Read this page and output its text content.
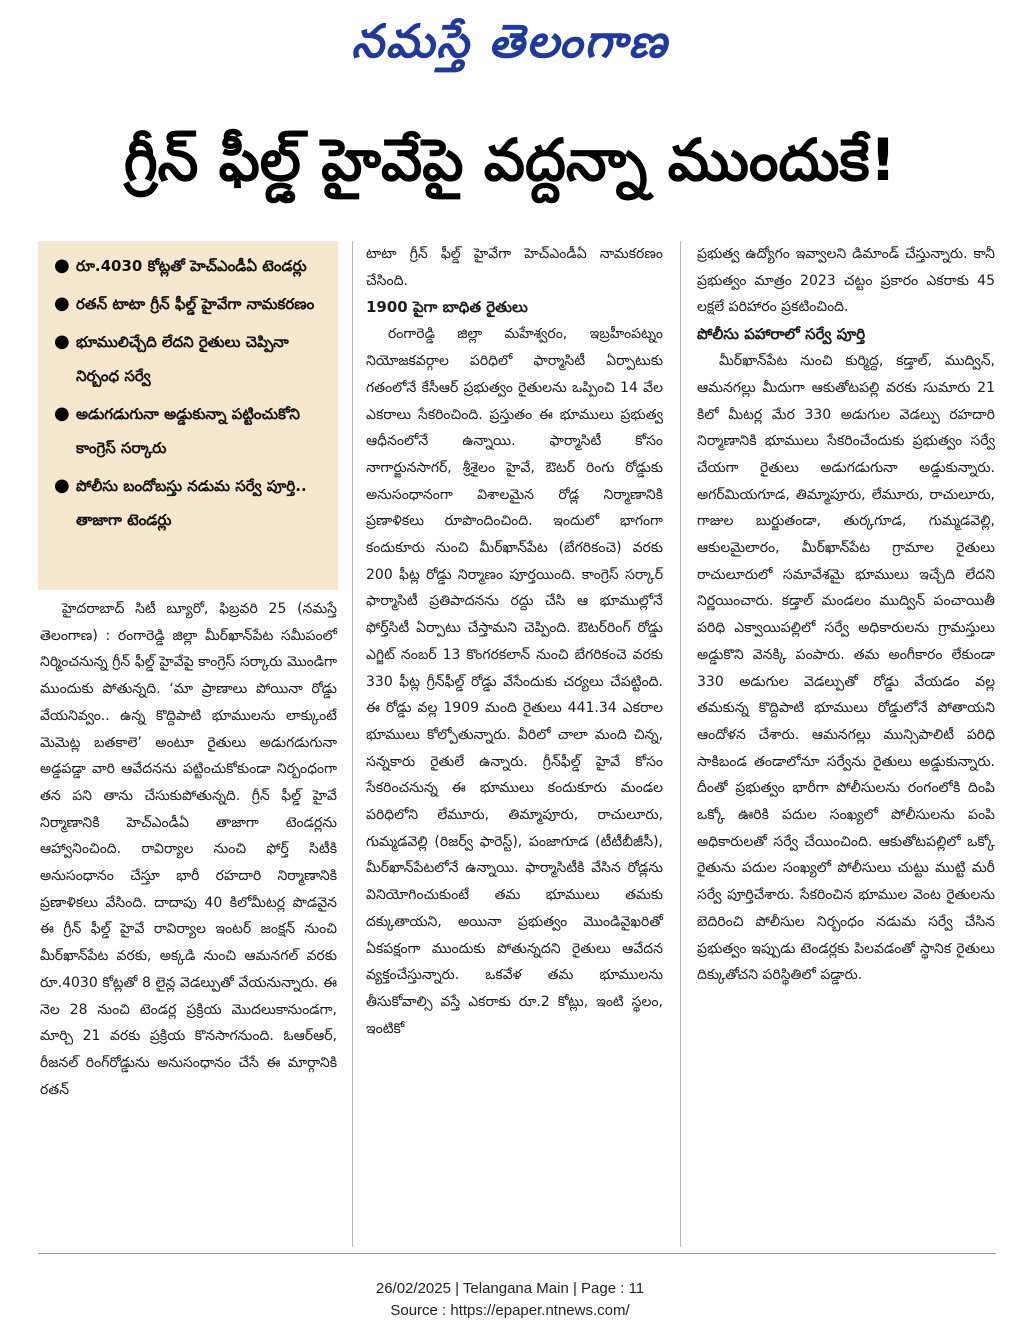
నమస్తే తెలంగాణ
గ్రీన్ ఫీల్డ్ హైవేపై వద్దన్నా ముందుకే!
● రూ.4030 కోట్లతో హెచ్‌ఎండీఏ టెండర్లు
● రతన్ టాటా గ్రీన్ ఫీల్డ్ హైవేగా నామకరణం
● భూములిచ్చేది లేదని రైతులు చెప్పినా నిర్బంధ సర్వే
● అడుగడుగునా అడ్డుకున్నా పట్టించుకోని కాంగ్రెస్ సర్కారు
● పోలీసు బందోబస్తు నడుమ సర్వే పూర్తి.. తాజాగా టెండర్లు

హైదరాబాద్ సిటీ బ్యూరో, ఫిబ్రవరి 25 (నమస్తే తెలంగాణ) : రంగారెడ్డి జిల్లా మీర్‌ఖాన్‌పేట సమీపంలో నిర్మించనున్న గ్రీన్ ఫీల్డ్ హైవేపై కాంగ్రెస్ సర్కారు మొండిగా ముందుకు పోతున్నది. ‘మా ప్రాణాలు పోయినా రోడ్డు వేయనివ్వం.. ఉన్న కొద్దిపాటి భూములను లాక్కుంటే మెమెట్ల బతకాలె’ అంటూ రైతులు అడుగడుగునా అడ్డపడ్డా వారి ఆవేదనను పట్టించుకోకుండా నిర్బంధంగా తన పని తాను చేసుకుపోతున్నది. గ్రీన్ ఫీల్డ్ హైవే నిర్మాణానికి హెచ్‌ఎండీఏ తాజాగా టెండర్లను ఆహ్వానించింది. రావిర్యాల నుంచి ఫోర్త్ సిటీకి అనుసంధానం చేస్తూ భారీ రహదారి నిర్మాణానికి ప్రణాళికలు వేసింది. దాదాపు 40 కిలోమీటర్ల పొడవైన ఈ గ్రీన్ ఫీల్డ్ హైవే రావిర్యాల ఇంటర్ జంక్షన్ నుంచి మీర్‌ఖాన్‌పేట వరకు, అక్కడి నుంచి ఆమనగల్ వరకు రూ.4030 కోట్లతో 8 లైన్ల వెడల్పుతో వేయనున్నారు. ఈ నెల 28 నుంచి టెండర్ల ప్రక్రియ మొదలుకానుండగా, మార్చి 21 వరకు ప్రక్రియ కొనసాగనుంది. ఓఆర్ఆర్, రీజనల్ రింగ్‌రోడ్డును అనుసంధానం చేసే ఈ మార్గానికి రతన్

టాటా గ్రీన్ ఫీల్డ్ హైవేగా హెచ్‌ఎండీఏ నామకరణం చేసింది.

1900 పైగా బాధిత రైతులు

రంగారెడ్డి జిల్లా మహేశ్వరం, ఇబ్రహీంపట్నం నియోజకవర్గాల పరిధిలో ఫార్మాసిటీ ఏర్పాటుకు గతంలోనే కేసీఆర్ ప్రభుత్వం రైతులను ఒప్పించి 14 వేల ఎకరాలు సేకరించింది. ప్రస్తుతం ఈ భూములు ప్రభుత్వ ఆధీనంలోనే ఉన్నాయి. ఫార్మాసిటీ కోసం నాగార్జునసాగర్, శ్రీశైలం హైవే, ఔటర్ రింగు రోడ్డుకు అనుసంధానంగా విశాలమైన రోడ్ల నిర్మాణానికి ప్రణాళికలు రూపొందించింది. ఇందులో భాగంగా కందుకూరు నుంచి మీర్‌ఖాన్‌పేట (బేగరికంచె) వరకు 200 ఫీట్ల రోడ్డు నిర్మాణం పూర్తయింది. కాంగ్రెస్ సర్కార్ ఫార్మాసిటీ ప్రతిపాదనను రద్దు చేసి ఆ భూముల్లోనే ఫోర్త్‌సిటీ ఏర్పాటు చేస్తామని చెప్పింది. ఔటర్‌రింగ్ రోడ్డు ఎగ్జిట్ నంబర్ 13 కొంగరకలాన్ నుంచి బేగరికంచె వరకు 330 ఫీట్ల గ్రీన్‌ఫీల్డ్ రోడ్డు వేసేందుకు చర్యలు చేపట్టింది. ఈ రోడ్డు వల్ల 1909 మంది రైతులు 441.34 ఎకరాల భూములు కోల్పోతున్నారు. వీరిలో చాలా మంది చిన్న, సన్నకారు రైతులే ఉన్నారు. గ్రీన్‌ఫీల్డ్ హైవే కోసం సేకరించనున్న ఈ భూములు కందుకూరు మండల పరిధిలోని లేమూరు, తిమ్మాపూరు, రాచులూరు, గుమ్మడవెల్లి (రిజర్వ్ ఫారెస్ట్), పంజాగూడ (టీటీబీజీసీ), మీర్‌ఖాన్‌పేటలోనే ఉన్నాయి. ఫార్మాసిటీకి వేసిన రోడ్లను వినియోగించుకుంటే తమ భూములు తమకు దక్కుతాయని, అయినా ప్రభుత్వం మొండివైఖరితో ఏకపక్షంగా ముందుకు పోతున్నదని రైతులు ఆవేదన వ్యక్తంచేస్తున్నారు. ఒకవేళ తమ భూములను తీసుకోవాల్సి వస్తే ఎకరాకు రూ.2 కోట్లు, ఇంటి స్థలం, ఇంటికో

ప్రభుత్వ ఉద్యోగం ఇవ్వాలని డిమాండ్ చేస్తున్నారు. కానీ ప్రభుత్వం మాత్రం 2023 చట్టం ప్రకారం ఎకరాకు 45 లక్షలే పరిహారం ప్రకటించింది.

పోలీసు పహారాలో సర్వే పూర్తి

మీర్‌ఖాన్‌పేట నుంచి కుర్మిద్ద, కడ్తాల్, ముద్విన్, ఆమనగల్లు మీదుగా ఆకుతోటపల్లి వరకు సుమారు 21 కిలో మీటర్ల మేర 330 అడుగుల వెడల్పు రహదారి నిర్మాణానికి భూములు సేకరించేందుకు ప్రభుత్వం సర్వే చేయగా రైతులు అడుగడుగునా అడ్డుకున్నారు. అగర్‌మియగూడ, తిమ్మాపూరు, లేమూరు, రాచులూరు, గాజుల బుర్జుతండా, తుర్కగూడ, గుమ్మడవెల్లి, ఆకులమైలారం, మీర్‌ఖాన్‌పేట గ్రామాల రైతులు రాచులూరులో సమావేశమై భూములు ఇచ్చేది లేదని నిర్ణయించారు. కడ్తాల్ మండలం ముద్విన్ పంచాయితీ పరిధి ఎక్వాయిపల్లిలో సర్వే అధికారులను గ్రామస్తులు అడ్డుకొని వెనక్కి పంపారు. తమ అంగీకారం లేకుండా 330 అడుగుల వెడల్పుతో రోడ్డు వేయడం వల్ల తమకున్న కొద్దిపాటి భూములు రోడ్డులోనే పోతాయని ఆందోళన చేశారు. ఆమనగల్లు మున్సిపాలిటీ పరిధి సాకిబండ తండాలోనూ సర్వేను రైతులు అడ్డుకున్నారు. దీంతో ప్రభుత్వం భారీగా పోలీసులను రంగంలోకి దింపి ఒక్కో ఊరికి పదుల సంఖ్యలో పోలీసులను పంపి అధికారులతో సర్వే చేయించింది. ఆకుతోటపల్లిలో ఒక్కో రైతును పదుల సంఖ్యలో పోలీసులు చుట్టు ముట్టి మరీ సర్వే పూర్తిచేశారు. సేకరించిన భూముల వెంట రైతులను బెదిరించి పోలీసుల నిర్బంధం నడుమ సర్వే చేసిన ప్రభుత్వం ఇప్పుడు టెండర్లకు పిలవడంతో స్థానిక రైతులు దిక్కుతోచని పరిస్థితిలో పడ్డారు.

26/02/2025 | Telangana Main | Page : 11
Source : https://epaper.ntnews.com/
